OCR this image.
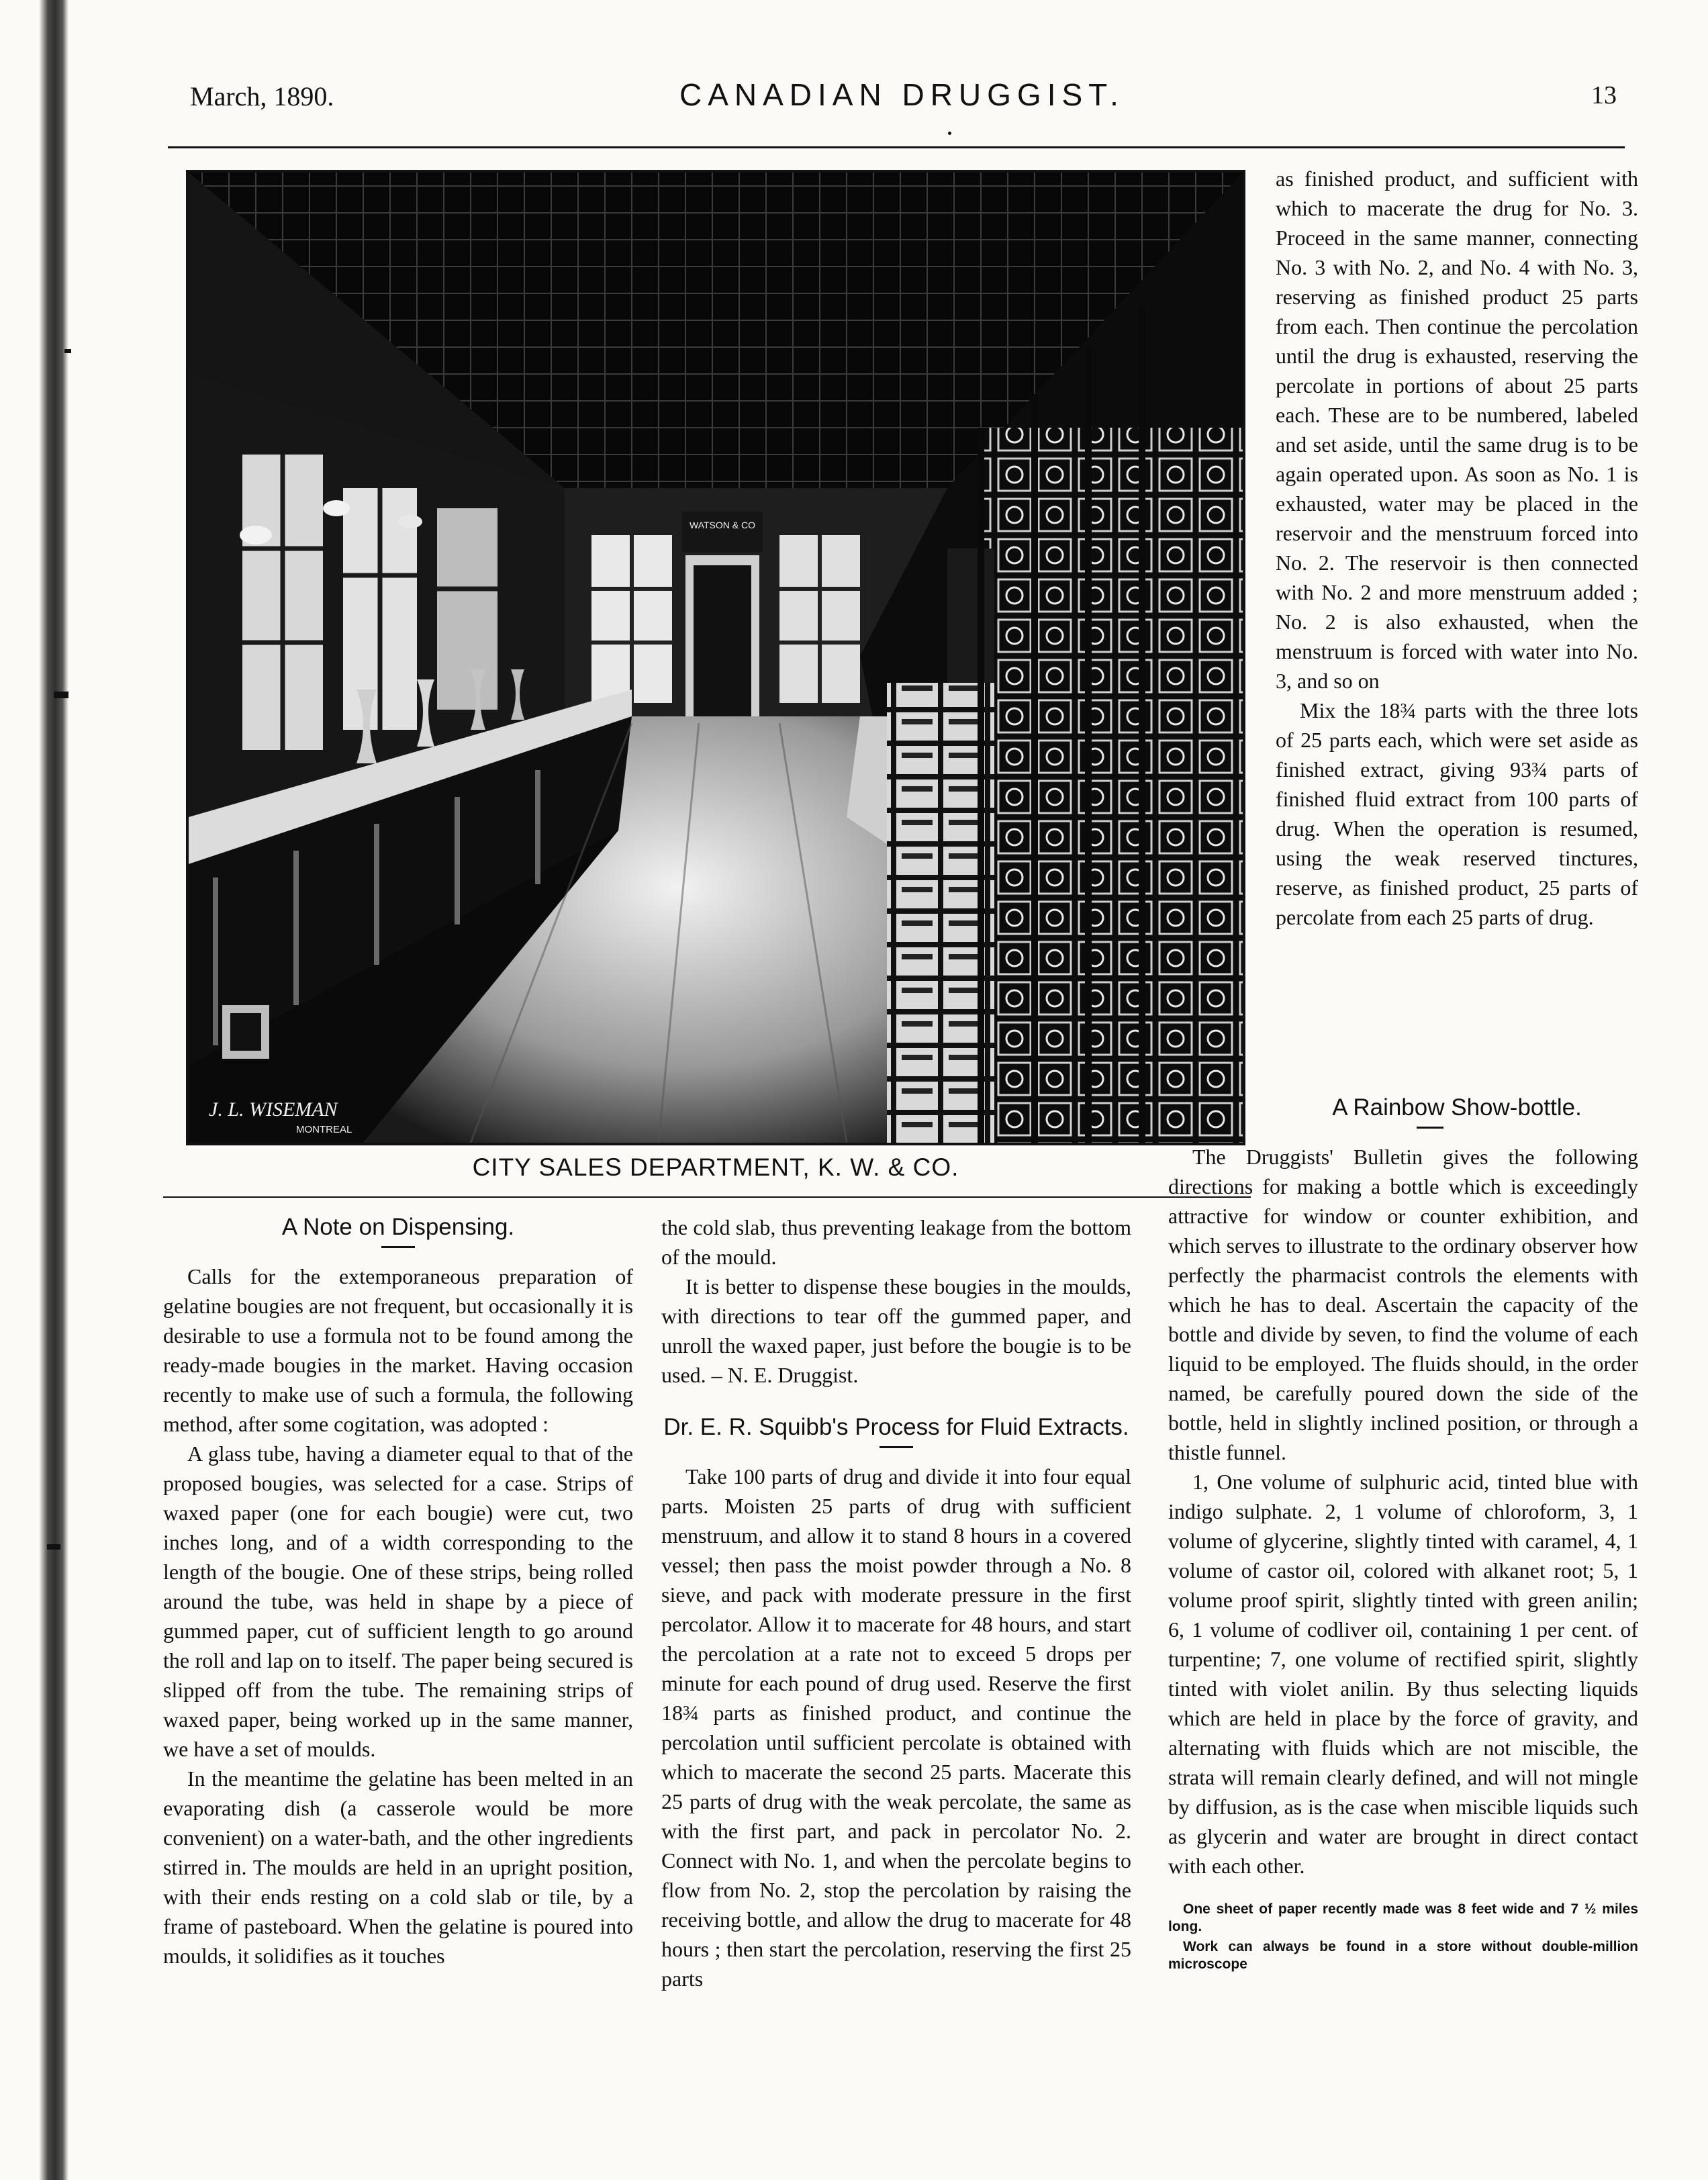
March, 1890.	CANADIAN DRUGGIST.	13
WATSON & CO
J. L. WISEMAN
MONTREAL
CITY SALES DEPARTMENT, K. W. & CO.
A Note on Dispensing.

Calls for the extemporaneous preparation of gelatine bougies are not frequent, but occasionally it is desirable to use a formula not to be found among the ready-made bougies in the market. Having occasion recently to make use of such a formula, the following method, after some cogitation, was adopted :

A glass tube, having a diameter equal to that of the proposed bougies, was selected for a case. Strips of waxed paper (one for each bougie) were cut, two inches long, and of a width corresponding to the length of the bougie. One of these strips, being rolled around the tube, was held in shape by a piece of gummed paper, cut of sufficient length to go around the roll and lap on to itself. The paper being secured is slipped off from the tube. The remaining strips of waxed paper, being worked up in the same manner, we have a set of moulds.

In the meantime the gelatine has been melted in an evaporating dish (a casserole would be more convenient) on a water-bath, and the other ingredients stirred in. The moulds are held in an upright position, with their ends resting on a cold slab or tile, by a frame of pasteboard. When the gelatine is poured into moulds, it solidifies as it touches

the cold slab, thus preventing leakage from the bottom of the mould.

It is better to dispense these bougies in the moulds, with directions to tear off the gummed paper, and unroll the waxed paper, just before the bougie is to be used. – N. E. Druggist.

Dr. E. R. Squibb's Process for Fluid Extracts.

Take 100 parts of drug and divide it into four equal parts. Moisten 25 parts of drug with sufficient menstruum, and allow it to stand 8 hours in a covered vessel; then pass the moist powder through a No. 8 sieve, and pack with moderate pressure in the first percolator. Allow it to macerate for 48 hours, and start the percolation at a rate not to exceed 5 drops per minute for each pound of drug used. Reserve the first 18¾ parts as finished product, and continue the percolation until sufficient percolate is obtained with which to macerate the second 25 parts. Macerate this 25 parts of drug with the weak percolate, the same as with the first part, and pack in percolator No. 2. Connect with No. 1, and when the percolate begins to flow from No. 2, stop the percolation by raising the receiving bottle, and allow the drug to macerate for 48 hours ; then start the percolation, reserving the first 25 parts

as finished product, and sufficient with which to macerate the drug for No. 3. Proceed in the same manner, connecting No. 3 with No. 2, and No. 4 with No. 3, reserving as finished product 25 parts from each. Then continue the percolation until the drug is exhausted, reserving the percolate in portions of about 25 parts each. These are to be numbered, labeled and set aside, until the same drug is to be again operated upon. As soon as No. 1 is exhausted, water may be placed in the reservoir and the menstruum forced into No. 2. The reservoir is then connected with No. 2 and more menstruum added ; No. 2 is also exhausted, when the menstruum is forced with water into No. 3, and so on

Mix the 18¾ parts with the three lots of 25 parts each, which were set aside as finished extract, giving 93¾ parts of finished fluid extract from 100 parts of drug. When the operation is resumed, using the weak reserved tinctures, reserve, as finished product, 25 parts of percolate from each 25 parts of drug.

A Rainbow Show-bottle.

The Druggists' Bulletin gives the following directions for making a bottle which is exceedingly attractive for window or counter exhibition, and which serves to illustrate to the ordinary observer how perfectly the pharmacist controls the elements with which he has to deal. Ascertain the capacity of the bottle and divide by seven, to find the volume of each liquid to be employed. The fluids should, in the order named, be carefully poured down the side of the bottle, held in slightly inclined position, or through a thistle funnel.

1, One volume of sulphuric acid, tinted blue with indigo sulphate. 2, 1 volume of chloroform, 3, 1 volume of glycerine, slightly tinted with caramel, 4, 1 volume of castor oil, colored with alkanet root; 5, 1 volume proof spirit, slightly tinted with green anilin; 6, 1 volume of codliver oil, containing 1 per cent. of turpentine; 7, one volume of rectified spirit, slightly tinted with violet anilin. By thus selecting liquids which are held in place by the force of gravity, and alternating with fluids which are not miscible, the strata will remain clearly defined, and will not mingle by diffusion, as is the case when miscible liquids such as glycerin and water are brought in direct contact with each other.

One sheet of paper recently made was 8 feet wide and 7 ½ miles long.

Work can always be found in a store without double-million microscope
